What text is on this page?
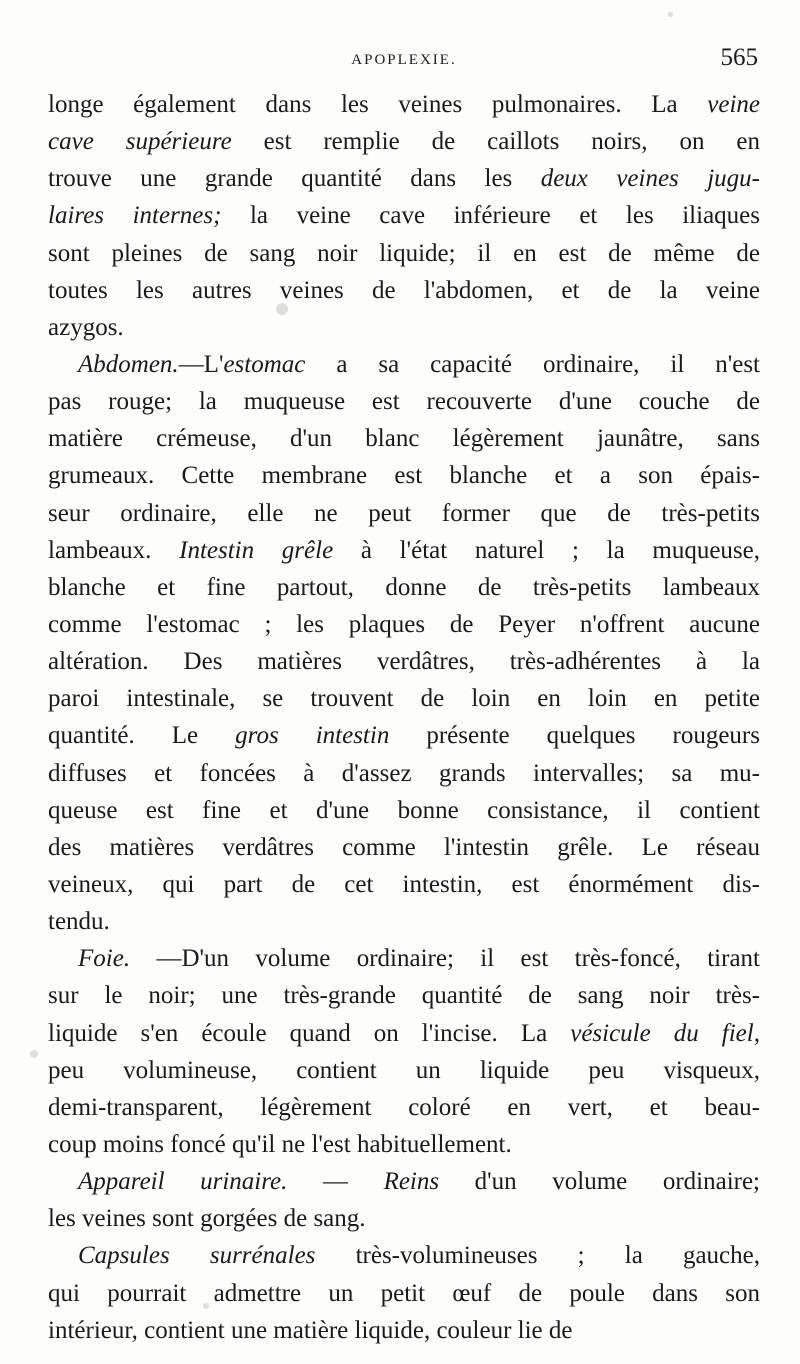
APOPLEXIE.	565
longe également dans les veines pulmonaires. La veine
cave supérieure est remplie de caillots noirs, on en
trouve une grande quantité dans les deux veines jugu-
laires internes; la veine cave inférieure et les iliaques
sont pleines de sang noir liquide; il en est de même de
toutes les autres veines de l'abdomen, et de la veine
azygos.
Abdomen.—L'estomac a sa capacité ordinaire, il n'est
pas rouge; la muqueuse est recouverte d'une couche de
matière crémeuse, d'un blanc légèrement jaunâtre, sans
grumeaux. Cette membrane est blanche et a son épais-
seur ordinaire, elle ne peut former que de très-petits
lambeaux. Intestin grêle à l'état naturel ; la muqueuse,
blanche et fine partout, donne de très-petits lambeaux
comme l'estomac ; les plaques de Peyer n'offrent aucune
altération. Des matières verdâtres, très-adhérentes à la
paroi intestinale, se trouvent de loin en loin en petite
quantité. Le gros intestin présente quelques rougeurs
diffuses et foncées à d'assez grands intervalles; sa mu-
queuse est fine et d'une bonne consistance, il contient
des matières verdâtres comme l'intestin grêle. Le réseau
veineux, qui part de cet intestin, est énormément dis-
tendu.
Foie. —D'un volume ordinaire; il est très-foncé, tirant
sur le noir; une très-grande quantité de sang noir très-
liquide s'en écoule quand on l'incise. La vésicule du fiel,
peu volumineuse, contient un liquide peu visqueux,
demi-transparent, légèrement coloré en vert, et beau-
coup moins foncé qu'il ne l'est habituellement.
Appareil urinaire. — Reins d'un volume ordinaire;
les veines sont gorgées de sang.
Capsules surrénales très-volumineuses ; la gauche,
qui pourrait admettre un petit œuf de poule dans son
intérieur, contient une matière liquide, couleur lie de
